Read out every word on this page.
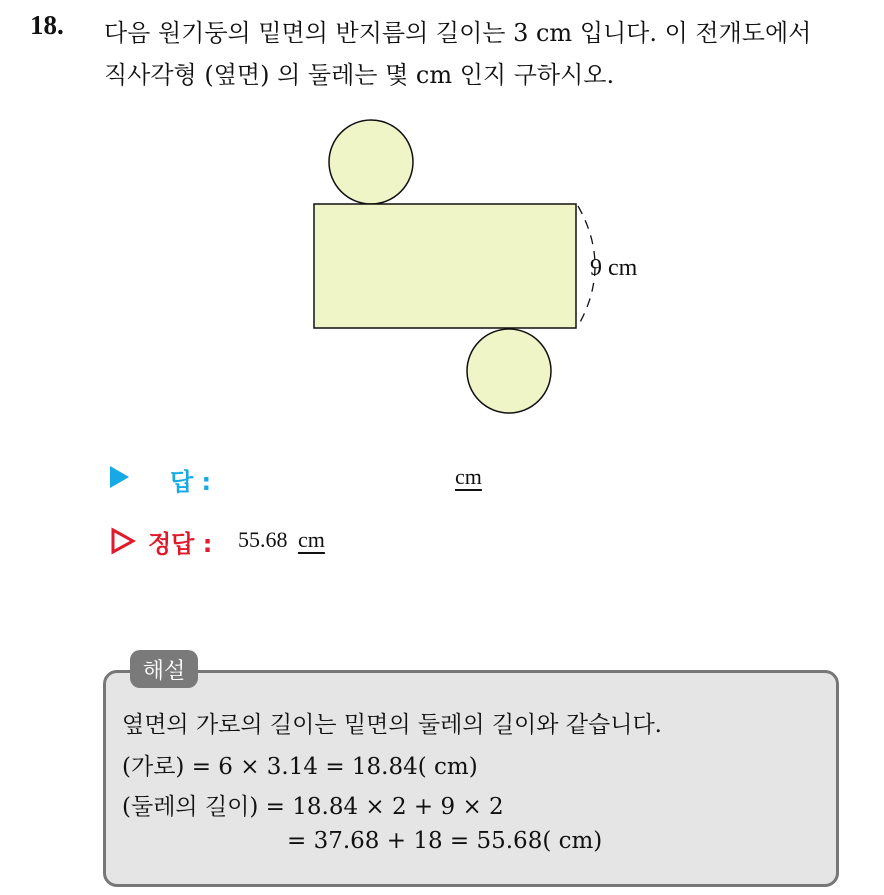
18. 다음 원기둥의 밑면의 반지름의 길이는 3 cm 입니다. 이 전개도에서
직사각형 (옆면) 의 둘레는 몇 cm 인지 구하시오.
9 cm
답 :	cm
정답 : 55.68 cm
해설
옆면의 가로의 길이는 밑면의 둘레의 길이와 같습니다.
(가로) = 6 × 3.14 = 18.84( cm)
(둘레의 길이) = 18.84 × 2 + 9 × 2
= 37.68 + 18 = 55.68( cm)
